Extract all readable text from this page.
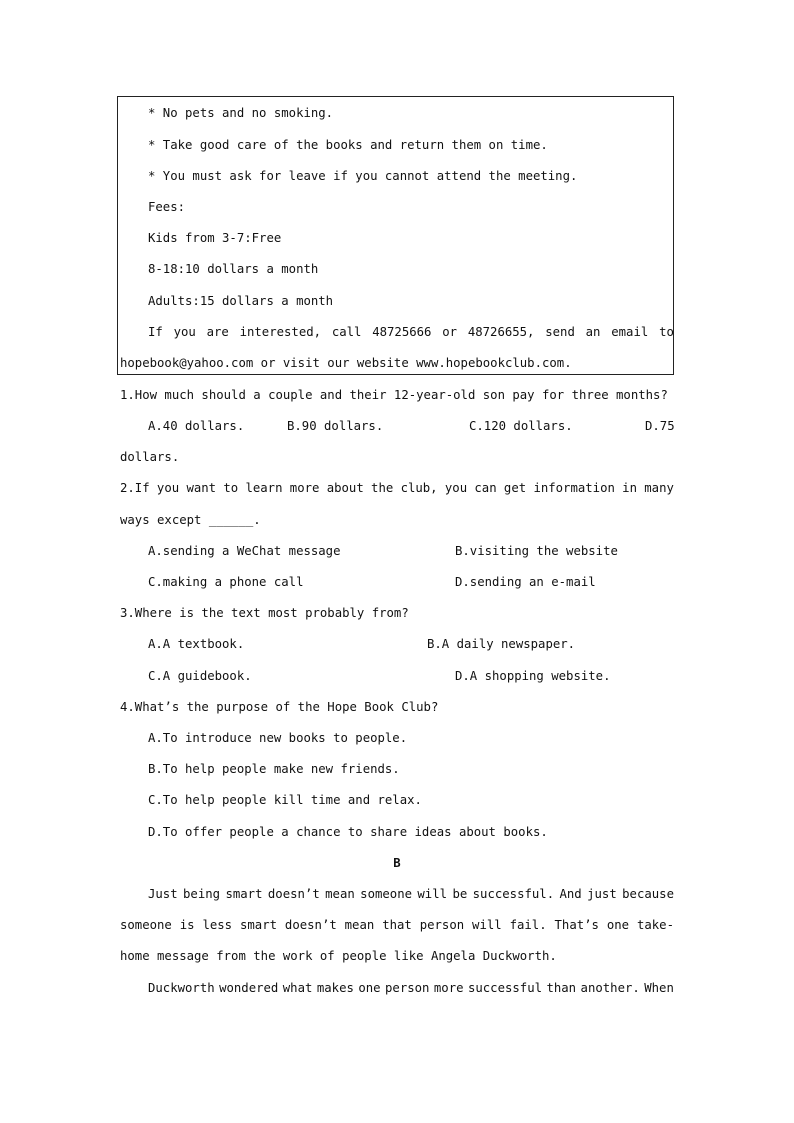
* No pets and no smoking.
* Take good care of the books and return them on time.
* You must ask for leave if you cannot attend the meeting.
Fees:
Kids from 3-7:Free
8-18:10 dollars a month
Adults:15 dollars a month
If you are interested, call 48725666 or 48726655, send an email to
hopebook@yahoo.com or visit our website www.hopebookclub.com.
1.How much should a couple and their 12-year-old son pay for three months?
A.40 dollars.	B.90 dollars.	C.120 dollars.	D.75
dollars.
2.If you want to learn more about the club, you can get information in many
ways except ______.
A.sending a WeChat message	B.visiting the website
C.making a phone call	D.sending an e-mail
3.Where is the text most probably from?
A.A textbook.	B.A daily newspaper.
C.A guidebook.	D.A shopping website.
4.What’s the purpose of the Hope Book Club?
A.To introduce new books to people.
B.To help people make new friends.
C.To help people kill time and relax.
D.To offer people a chance to share ideas about books.
B
Just being smart doesn’t mean someone will be successful. And just because
someone is less smart doesn’t mean that person will fail. That’s one take-
home message from the work of people like Angela Duckworth.
Duckworth wondered what makes one person more successful than another. When
